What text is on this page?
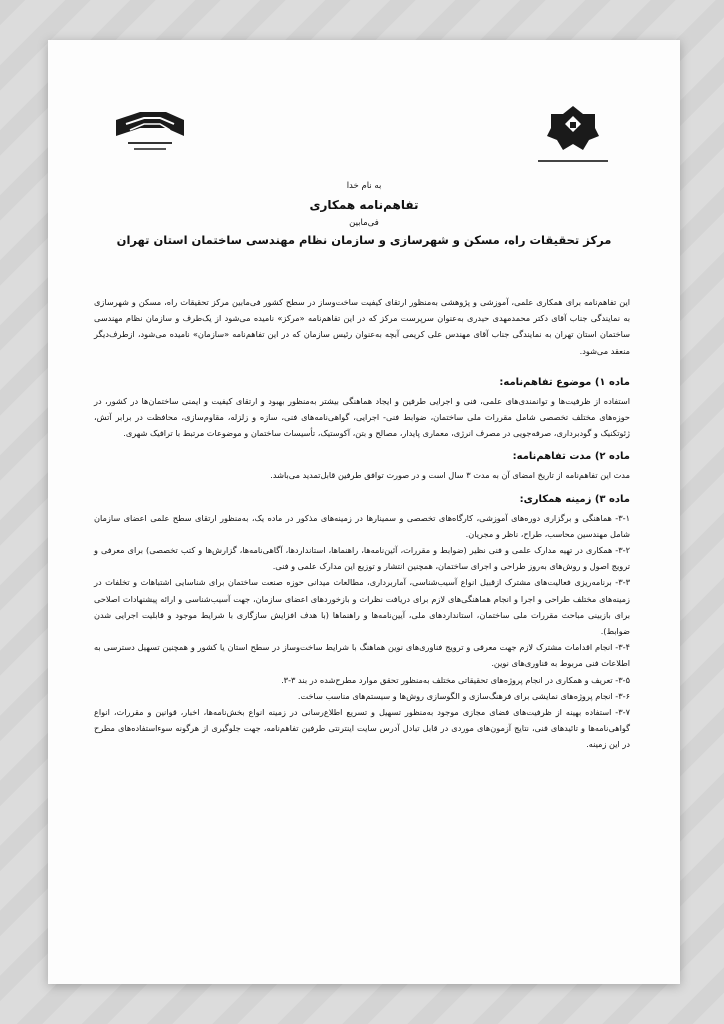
به نام خدا
تفاهم‌نامه همکاری
فی‌مابین
مرکز تحقیقات راه، مسکن و شهرسازی و سازمان نظام مهندسی ساختمان استان تهران

این تفاهم‌نامه برای همکاری علمی، آموزشی و پژوهشی به‌منظور ارتقای کیفیت ساخت‌وساز در سطح کشور فی‌مابین مرکز تحقیقات راه، مسکن و شهرسازی به نمایندگی جناب آقای دکتر محمدمهدی حیدری به‌عنوان سرپرست مرکز که در این تفاهم‌نامه «مرکز» نامیده می‌شود از یک‌طرف و سازمان نظام مهندسی ساختمان استان تهران به نمایندگی جناب آقای مهندس علی کریمی آبچه به‌عنوان رئیس سازمان که در این تفاهم‌نامه «سازمان» نامیده می‌شود، ازطرف‌دیگر منعقد می‌شود.

ماده ۱) موضوع تفاهم‌نامه:

استفاده از ظرفیت‌ها و توانمندی‌های علمی، فنی و اجرایی طرفین و ایجاد هماهنگی بیشتر به‌منظور بهبود و ارتقای کیفیت و ایمنی ساختمان‌ها در کشور، در حوزه‌های مختلف تخصصی شامل مقررات ملی ساختمان، ضوابط فنی- اجرایی، گواهی‌نامه‌های فنی، سازه و زلزله، مقاوم‌سازی، محافظت در برابر آتش، ژئوتکنیک و گودبرداری، صرفه‌جویی در مصرف انرژی، معماری پایدار، مصالح و بتن، آکوستیک، تأسیسات ساختمان و موضوعات مرتبط با ترافیک شهری.

ماده ۲) مدت تفاهم‌نامه:

مدت این تفاهم‌نامه از تاریخ امضای آن به مدت ۳ سال است و در صورت توافق طرفین قابل‌تمدید می‌باشد.

ماده ۳) زمینه همکاری:

۳-۱- هماهنگی و برگزاری دوره‌های آموزشی، کارگاه‌های تخصصی و سمینارها در زمینه‌های مذکور در ماده یک، به‌منظور ارتقای سطح علمی اعضای سازمان شامل مهندسین محاسب، طراح، ناظر و مجریان.

۳-۲- همکاری در تهیه مدارک علمی و فنی نظیر (ضوابط و مقررات، آئین‌نامه‌ها، راهنماها، استانداردها، آگاهی‌نامه‌ها، گزارش‌ها و کتب تخصصی) برای معرفی و ترویج اصول و روش‌های به‌روز طراحی و اجرای ساختمان، همچنین انتشار و توزیع این مدارک علمی و فنی.

۳-۳- برنامه‌ریزی فعالیت‌های مشترک ازقبیل انواع آسیب‌شناسی، آماربرداری، مطالعات میدانی حوزه صنعت ساختمان برای شناسایی اشتباهات و تخلفات در زمینه‌های مختلف طراحی و اجرا و انجام هماهنگی‌های لازم برای دریافت نظرات و بازخوردهای اعضای سازمان، جهت آسیب‌شناسی و ارائه پیشنهادات اصلاحی برای بازبینی مباحث مقررات ملی ساختمان، استانداردهای ملی، آیین‌نامه‌ها و راهنماها (با هدف افزایش سازگاری با شرایط موجود و قابلیت اجرایی شدن ضوابط).

۳-۴- انجام اقدامات مشترک لازم جهت معرفی و ترویج فناوری‌های نوین هماهنگ با شرایط ساخت‌وساز در سطح استان یا کشور و همچنین تسهیل دسترسی به اطلاعات فنی مربوط به فناوری‌های نوین.

۳-۵- تعریف و همکاری در انجام پروژه‌های تحقیقاتی مختلف به‌منظور تحقق موارد مطرح‌شده در بند ۳-۳.

۳-۶- انجام پروژه‌های نمایشی برای فرهنگ‌سازی و الگوسازی روش‌ها و سیستم‌های مناسب ساخت.

۳-۷- استفاده بهینه از ظرفیت‌های فضای مجازی موجود به‌منظور تسهیل و تسریع اطلاع‌رسانی در زمینه انواع بخش‌نامه‌ها، اخبار، قوانین و مقررات، انواع گواهی‌نامه‌ها و تائیدهای فنی، نتایج آزمون‌های موردی در قابل تبادل آدرس سایت اینترنتی طرفین تفاهم‌نامه، جهت جلوگیری از هرگونه سوءاستفاده‌های مطرح در این زمینه.
